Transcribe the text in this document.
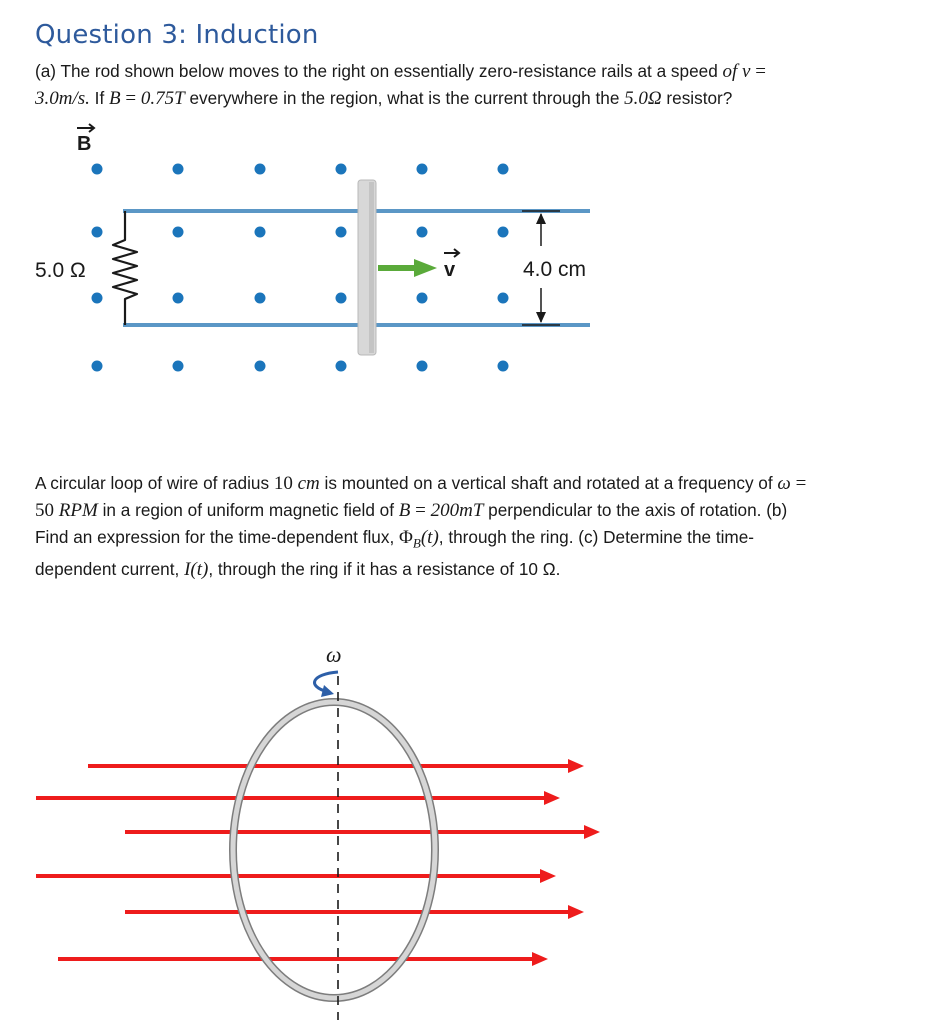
Question 3: Induction
(a) The rod shown below moves to the right on essentially zero-resistance rails at a speed of v =
3.0m/s. If B = 0.75T everywhere in the region, what is the current through the 5.0Ω resistor?
B
5.0 Ω	v	4.0 cm
A circular loop of wire of radius 10 cm is mounted on a vertical shaft and rotated at a frequency of ω =
50 RPM in a region of uniform magnetic field of B = 200mT perpendicular to the axis of rotation. (b)
Find an expression for the time-dependent flux, $\Phi_B(t)$, through the ring. (c) Determine the time-
dependent current, I(t), through the ring if it has a resistance of 10 Ω.
ω
